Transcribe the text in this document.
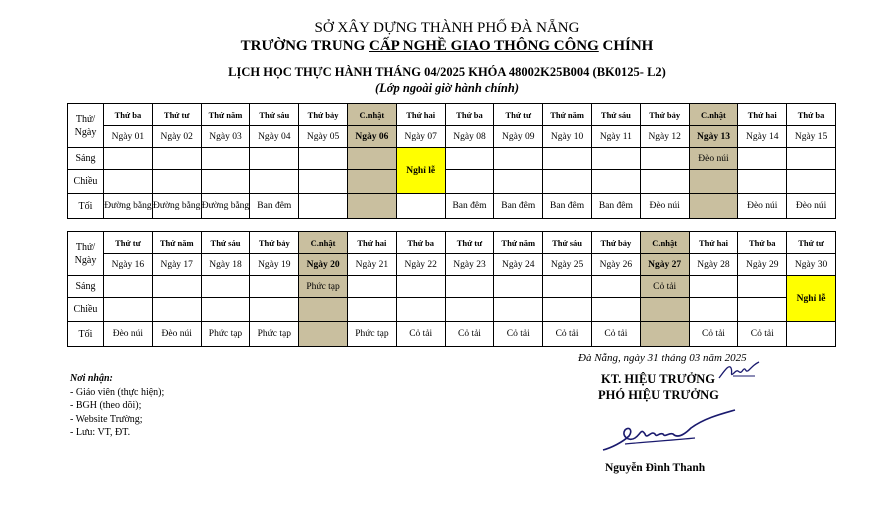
SỞ XÂY DỰNG THÀNH PHỐ ĐÀ NẴNG
TRƯỜNG TRUNG CẤP NGHỀ GIAO THÔNG CÔNG CHÍNH
LỊCH HỌC THỰC HÀNH THÁNG 04/2025 KHÓA 48002K25B004 (BK0125- L2)
(Lớp ngoài giờ hành chính)
Thứ/ Ngày	Thứ ba	Thứ tư	Thứ năm	Thứ sáu	Thứ bảy	C.nhật	Thứ hai	Thứ ba	Thứ tư	Thứ năm	Thứ sáu	Thứ bảy	C.nhật	Thứ hai	Thứ ba
	Ngày 01	Ngày 02	Ngày 03	Ngày 04	Ngày 05	Ngày 06	Ngày 07	Ngày 08	Ngày 09	Ngày 10	Ngày 11	Ngày 12	Ngày 13	Ngày 14	Ngày 15
Sáng							Nghỉ lễ						Đèo núi		
Chiều															
Tối	Đường bằng	Đường bằng	Đường bằng	Ban đêm				Ban đêm	Ban đêm	Ban đêm	Ban đêm	Đèo núi		Đèo núi	Đèo núi
Thứ/ Ngày	Thứ tư	Thứ năm	Thứ sáu	Thứ bảy	C.nhật	Thứ hai	Thứ ba	Thứ tư	Thứ năm	Thứ sáu	Thứ bảy	C.nhật	Thứ hai	Thứ ba	Thứ tư
	Ngày 16	Ngày 17	Ngày 18	Ngày 19	Ngày 20	Ngày 21	Ngày 22	Ngày 23	Ngày 24	Ngày 25	Ngày 26	Ngày 27	Ngày 28	Ngày 29	Ngày 30
Sáng					Phức tạp							Cỏ tải			Nghỉ lễ
Chiều															
Tối	Đèo núi	Đèo núi	Phức tạp	Phức tạp		Phức tạp	Cỏ tải	Cỏ tải	Cỏ tải	Cỏ tải	Cỏ tải		Cỏ tải	Cỏ tải	
Nơi nhận:
- Giáo viên (thực hiện);
- BGH (theo dõi);
- Website Trường;
- Lưu: VT, ĐT.
Đà Nẵng, ngày 31 tháng 03 năm 2025
KT. HIỆU TRƯỞNG
PHÓ HIỆU TRƯỞNG
Nguyễn Đình Thanh
